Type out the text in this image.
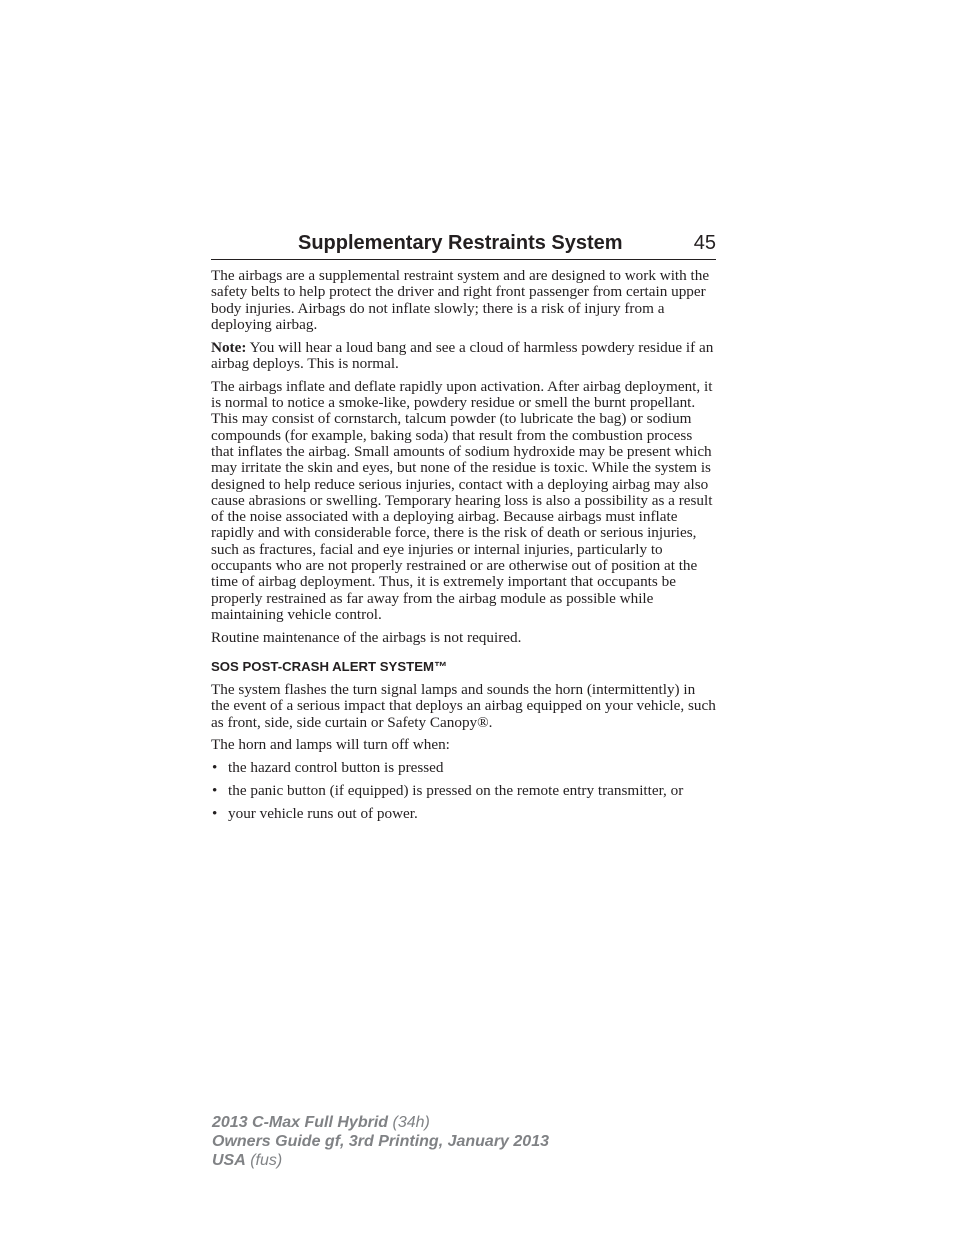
Supplementary Restraints System	45

The airbags are a supplemental restraint system and are designed to work with the safety belts to help protect the driver and right front passenger from certain upper body injuries. Airbags do not inflate slowly; there is a risk of injury from a deploying airbag.

Note: You will hear a loud bang and see a cloud of harmless powdery residue if an airbag deploys. This is normal.

The airbags inflate and deflate rapidly upon activation. After airbag deployment, it is normal to notice a smoke-like, powdery residue or smell the burnt propellant. This may consist of cornstarch, talcum powder (to lubricate the bag) or sodium compounds (for example, baking soda) that result from the combustion process that inflates the airbag. Small amounts of sodium hydroxide may be present which may irritate the skin and eyes, but none of the residue is toxic. While the system is designed to help reduce serious injuries, contact with a deploying airbag may also cause abrasions or swelling. Temporary hearing loss is also a possibility as a result of the noise associated with a deploying airbag. Because airbags must inflate rapidly and with considerable force, there is the risk of death or serious injuries, such as fractures, facial and eye injuries or internal injuries, particularly to occupants who are not properly restrained or are otherwise out of position at the time of airbag deployment. Thus, it is extremely important that occupants be properly restrained as far away from the airbag module as possible while maintaining vehicle control.

Routine maintenance of the airbags is not required.

SOS POST-CRASH ALERT SYSTEM™

The system flashes the turn signal lamps and sounds the horn (intermittently) in the event of a serious impact that deploys an airbag equipped on your vehicle, such as front, side, side curtain or Safety Canopy®.

The horn and lamps will turn off when:

• the hazard control button is pressed
• the panic button (if equipped) is pressed on the remote entry transmitter, or
• your vehicle runs out of power.
2013 C-Max Full Hybrid (34h)
Owners Guide gf, 3rd Printing, January 2013
USA (fus)
